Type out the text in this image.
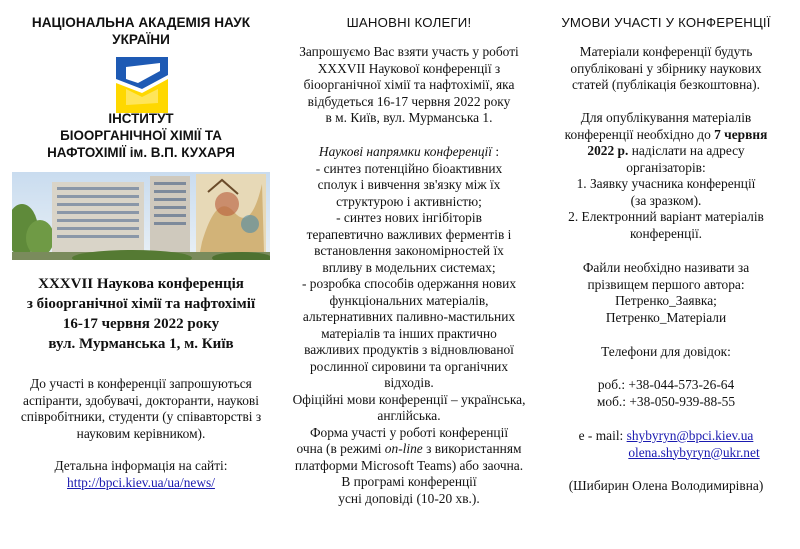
НАЦІОНАЛЬНА АКАДЕМІЯ НАУК
УКРАЇНИ
ІНСТИТУТ
БІООРГАНІЧНОЇ ХІМІЇ ТА
НАФТОХІМІЇ ім. В.П. КУХАРЯ
XXXVII Наукова конференція
з біоорганічної хімії та нафтохімії
16-17 червня 2022 року
вул. Мурманська 1, м. Київ
До участі в конференції запрошуються
аспіранти, здобувачі, докторанти, наукові
співробітники, студенти (у співавторстві з
науковим керівником).
Детальна інформація на сайті:
http://bpci.kiev.ua/ua/news/
ШАНОВНІ КОЛЕГИ!
Запрошуємо Вас взяти участь у роботі
XXXVII Наукової конференції з
біоорганічної хімії та нафтохімії, яка
відбудеться 16-17 червня 2022 року
в м. Київ, вул. Мурманська 1.
Наукові напрямки конференції :
- синтез потенційно біоактивних
сполук і вивчення зв'язку між їх
структурою і активністю;
- синтез нових інгібіторів
терапевтично важливих ферментів і
встановлення закономірностей їх
впливу в модельних системах;
- розробка способів одержання нових
функціональних матеріалів,
альтернативних паливно-мастильних
матеріалів та інших практично
важливих продуктів з відновлюваної
рослинної сировини та органічних
відходів.
Офіційні мови конференції – українська,
англійська.
Форма участі у роботі конференції
очна (в режимі on-line з використанням
платформи Microsoft Teams) або заочна.
В програмі конференції
усні доповіді (10-20 хв.).
УМОВИ УЧАСТІ У КОНФЕРЕНЦІЇ
Матеріали конференції будуть
опубліковані у збірнику наукових
статей (публікація безкоштовна).
Для опублікування матеріалів
конференції необхідно до 7 червня
2022 р. надіслати на адресу
організаторів:
1. Заявку учасника конференції
(за зразком).
2. Електронний варіант матеріалів
конференції.
Файли необхідно називати за
прізвищем першого автора:
Петренко_Заявка;
Петренко_Матеріали
Телефони для довідок:
роб.: +38-044-573-26-64
моб.: +38-050-939-88-55
e - mail: shybyryn@bpci.kiev.ua
olena.shybyryn@ukr.net
(Шибирин Олена Володимирівна)
